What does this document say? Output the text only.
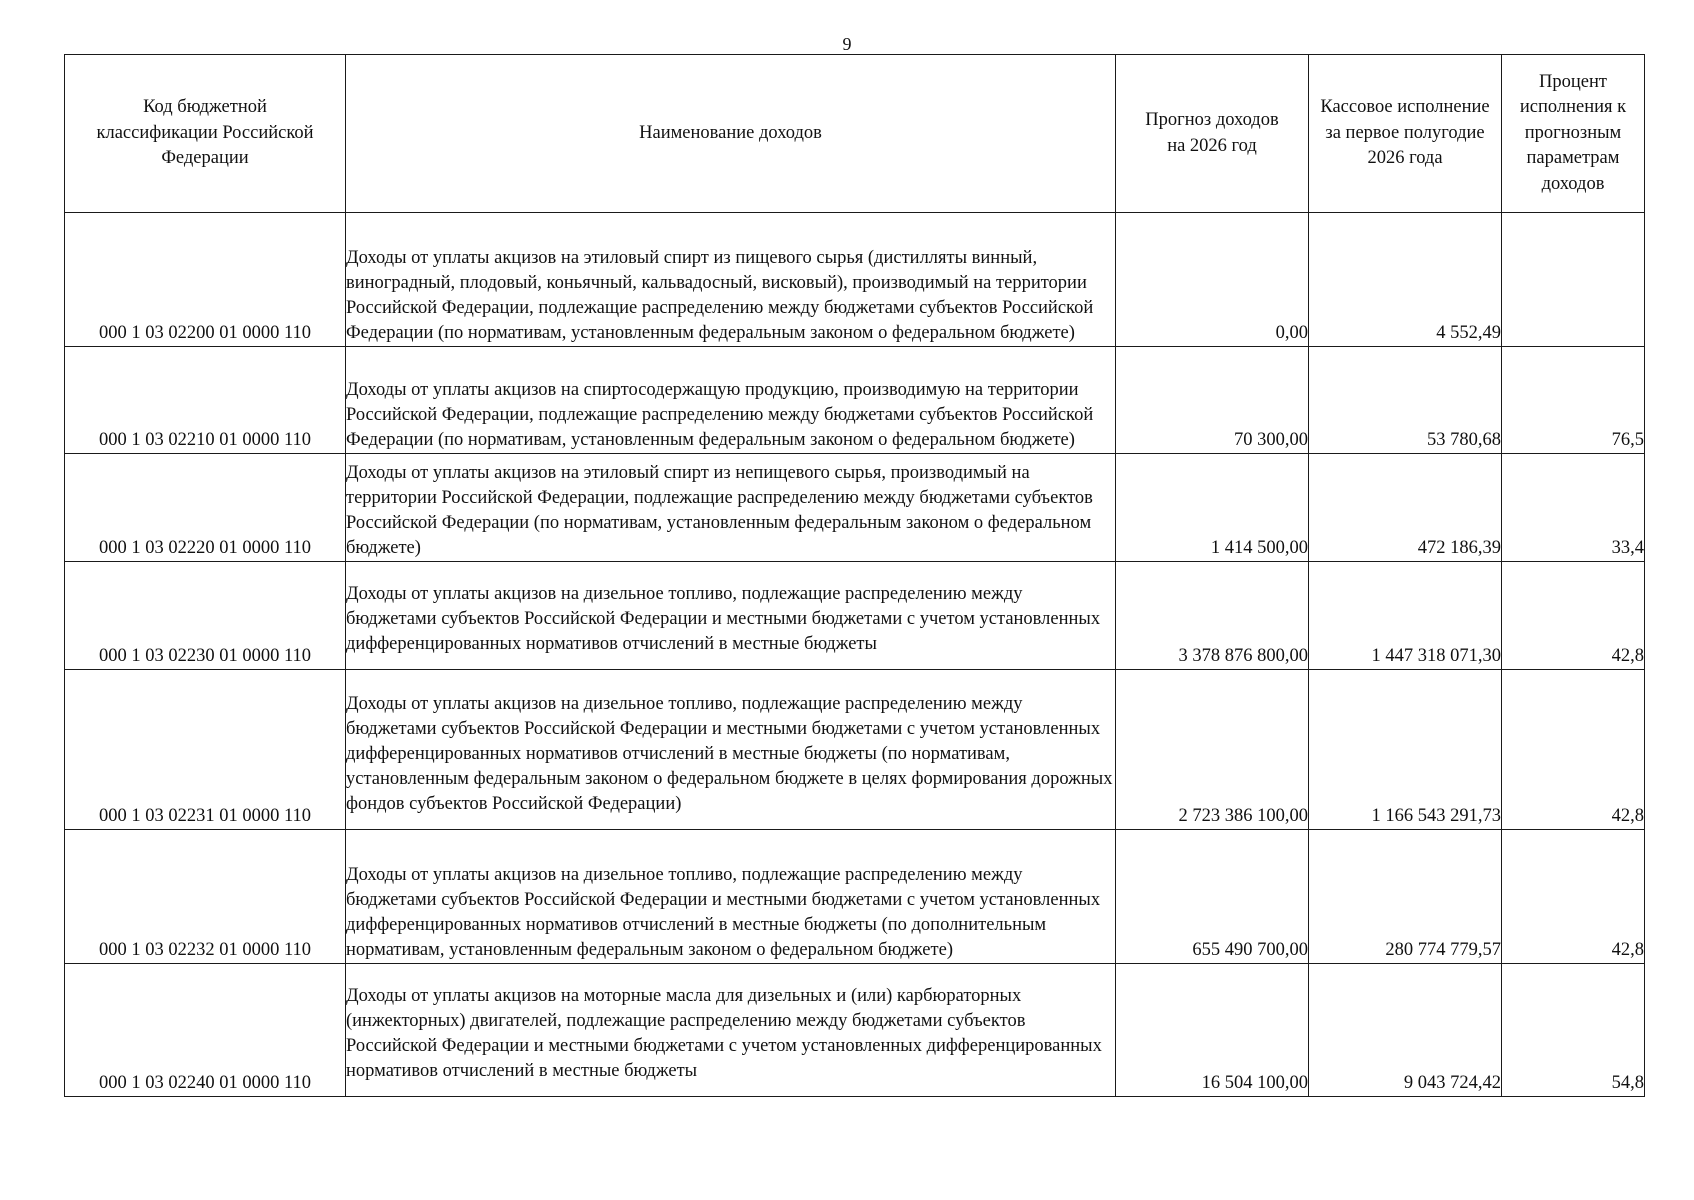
9
Код бюджетной классификации Российской Федерации	Наименование доходов	Прогноз доходов на 2026 год	Кассовое исполнение за первое полугодие 2026 года	Процент исполнения к прогнозным параметрам доходов

000 1 03 02200 01 0000 110	Доходы от уплаты акцизов на этиловый спирт из пищевого сырья (дистилляты винный, виноградный, плодовый, коньячный, кальвадосный, висковый), производимый на территории Российской Федерации, подлежащие распределению между бюджетами субъектов Российской Федерации (по нормативам, установленным федеральным законом о федеральном бюджете)	0,00	4 552,49	
000 1 03 02210 01 0000 110	Доходы от уплаты акцизов на спиртосодержащую продукцию, производимую на территории Российской Федерации, подлежащие распределению между бюджетами субъектов Российской Федерации (по нормативам, установленным федеральным законом о федеральном бюджете)	70 300,00	53 780,68	76,5
000 1 03 02220 01 0000 110	Доходы от уплаты акцизов на этиловый спирт из непищевого сырья, производимый на территории Российской Федерации, подлежащие распределению между бюджетами субъектов Российской Федерации (по нормативам, установленным федеральным законом о федеральном бюджете)	1 414 500,00	472 186,39	33,4
000 1 03 02230 01 0000 110	Доходы от уплаты акцизов на дизельное топливо, подлежащие распределению между бюджетами субъектов Российской Федерации и местными бюджетами с учетом установленных дифференцированных нормативов отчислений в местные бюджеты	3 378 876 800,00	1 447 318 071,30	42,8
000 1 03 02231 01 0000 110	Доходы от уплаты акцизов на дизельное топливо, подлежащие распределению между бюджетами субъектов Российской Федерации и местными бюджетами с учетом установленных дифференцированных нормативов отчислений в местные бюджеты (по нормативам, установленным федеральным законом о федеральном бюджете в целях формирования дорожных фондов субъектов Российской Федерации)	2 723 386 100,00	1 166 543 291,73	42,8
000 1 03 02232 01 0000 110	Доходы от уплаты акцизов на дизельное топливо, подлежащие распределению между бюджетами субъектов Российской Федерации и местными бюджетами с учетом установленных дифференцированных нормативов отчислений в местные бюджеты (по дополнительным нормативам, установленным федеральным законом о федеральном бюджете)	655 490 700,00	280 774 779,57	42,8
000 1 03 02240 01 0000 110	Доходы от уплаты акцизов на моторные масла для дизельных и (или) карбюраторных (инжекторных) двигателей, подлежащие распределению между бюджетами субъектов Российской Федерации и местными бюджетами с учетом установленных дифференцированных нормативов отчислений в местные бюджеты	16 504 100,00	9 043 724,42	54,8
